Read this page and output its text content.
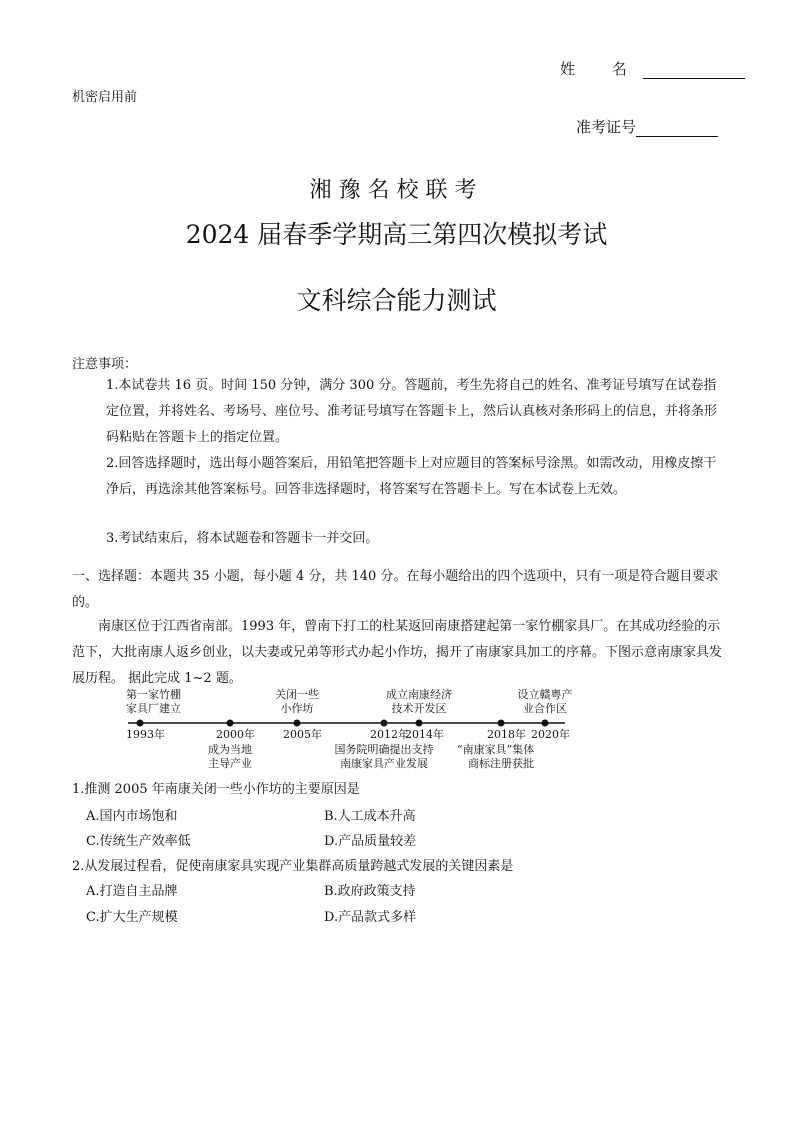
姓 名
机密启用前
准考证号
湘豫名校联考
2024 届春季学期高三第四次模拟考试
文科综合能力测试
注意事项：
1.本试卷共 16 页。时间 150 分钟，满分 300 分。答题前，考生先将自己的姓名、准考证号填写在试卷指定位置，并将姓名、考场号、座位号、准考证号填写在答题卡上，然后认真核对条形码上的信息，并将条形码粘贴在答题卡上的指定位置。
2.回答选择题时，选出每小题答案后，用铅笔把答题卡上对应题目的答案标号涂黑。如需改动，用橡皮擦干净后，再选涂其他答案标号。回答非选择题时，将答案写在答题卡上。写在本试卷上无效。
3.考试结束后，将本试题卷和答题卡一并交回。
一、选择题：本题共 35 小题，每小题 4 分，共 140 分。在每小题给出的四个选项中，只有一项是符合题目要求的。
南康区位于江西省南部。1993 年，曾南下打工的杜某返回南康搭建起第一家竹棚家具厂。在其成功经验的示范下，大批南康人返乡创业，以夫妻或兄弟等形式办起小作坊，揭开了南康家具加工的序幕。下图示意南康家具发展历程。 据此完成 1~2 题。
1993年
第一家竹棚
家具厂建立
2000年
成为当地
主导产业
2005年
关闭一些
小作坊
2012年
国务院明确提出支持
南康家具产业发展
2014年
成立南康经济
技术开发区
2018年
“南康家具”集体
商标注册获批
2020年
设立赣粤产
业合作区
1.推测 2005 年南康关闭一些小作坊的主要原因是
A.国内市场饱和	B.人工成本升高
C.传统生产效率低	D.产品质量较差
2.从发展过程看，促使南康家具实现产业集群高质量跨越式发展的关键因素是
A.打造自主品牌	B.政府政策支持
C.扩大生产规模	D.产品款式多样
